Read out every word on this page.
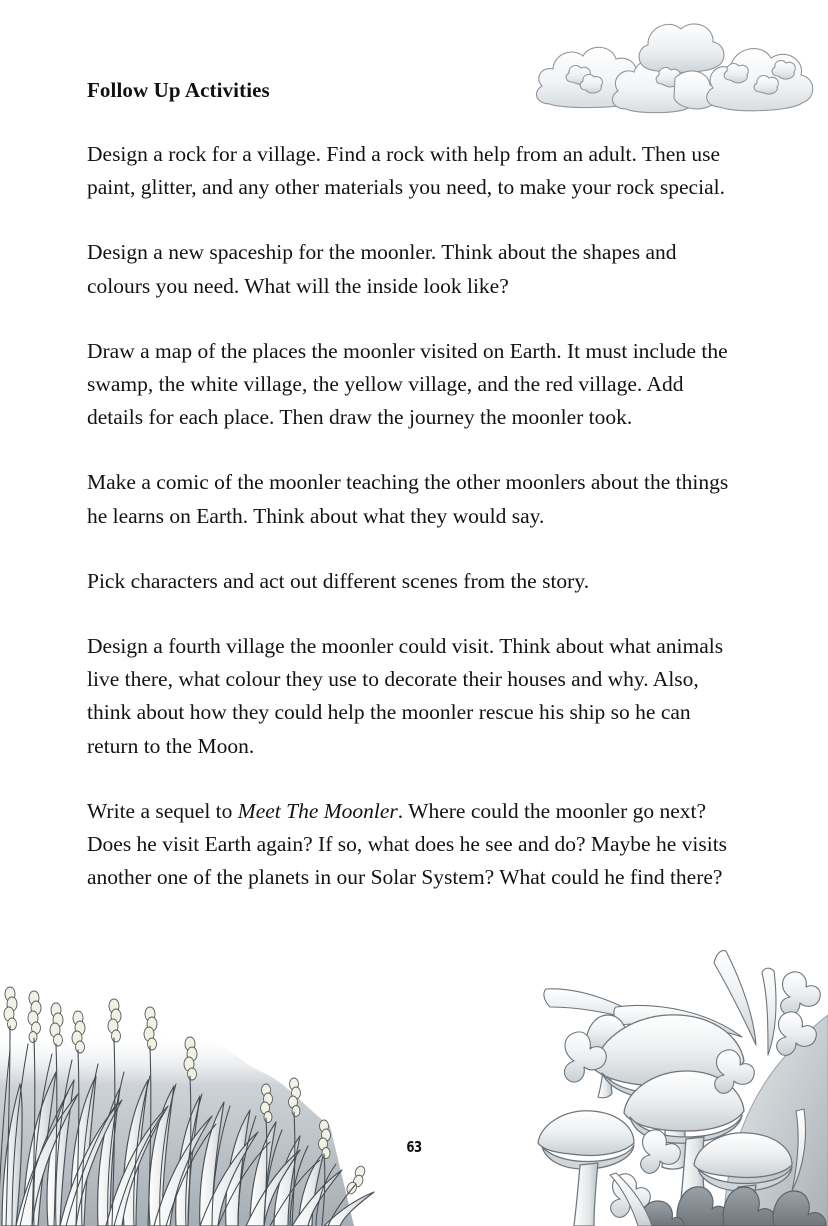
Follow Up Activities

Design a rock for a village. Find a rock with help from an adult. Then use paint, glitter, and any other materials you need, to make your rock special.

Design a new spaceship for the moonler. Think about the shapes and colours you need. What will the inside look like?

Draw a map of the places the moonler visited on Earth. It must include the swamp, the white village, the yellow village, and the red village. Add details for each place. Then draw the journey the moonler took.

Make a comic of the moonler teaching the other moonlers about the things he learns on Earth. Think about what they would say.

Pick characters and act out different scenes from the story.

Design a fourth village the moonler could visit. Think about what animals live there, what colour they use to decorate their houses and why. Also, think about how they could help the moonler rescue his ship so he can return to the Moon.

Write a sequel to Meet The Moonler. Where could the moonler go next? Does he visit Earth again? If so, what does he see and do? Maybe he visits another one of the planets in our Solar System? What could he find there?

63
